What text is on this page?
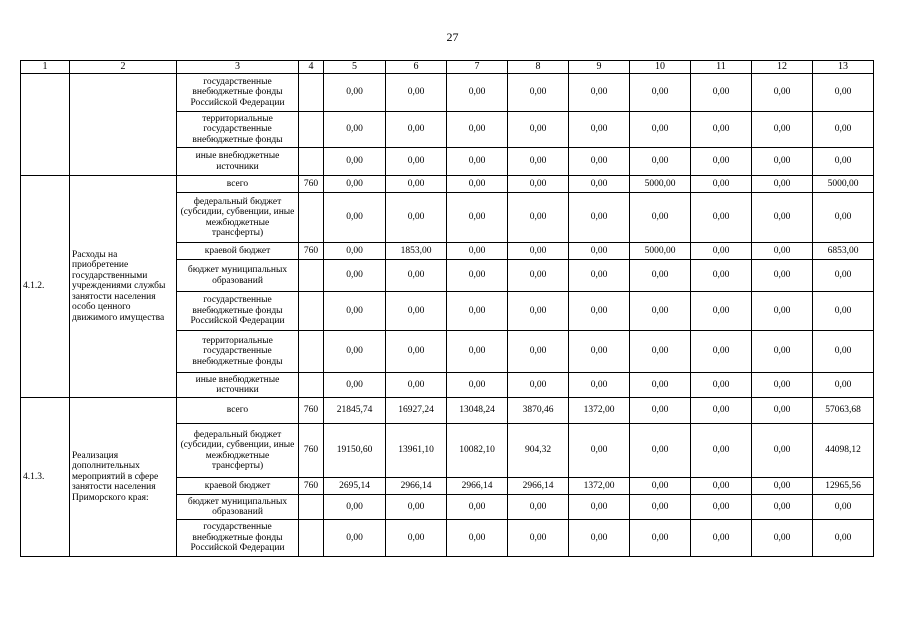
27
1	2	3	4	5	6	7	8	9	10	11	12	13
		государственные внебюджетные фонды Российской Федерации		0,00	0,00	0,00	0,00	0,00	0,00	0,00	0,00	0,00
		территориальные государственные внебюджетные фонды		0,00	0,00	0,00	0,00	0,00	0,00	0,00	0,00	0,00
		иные внебюджетные источники		0,00	0,00	0,00	0,00	0,00	0,00	0,00	0,00	0,00
4.1.2.	Расходы на приобретение государственными учреждениями службы занятости населения особо ценного движимого имущества	всего	760	0,00	0,00	0,00	0,00	0,00	5000,00	0,00	0,00	5000,00
		федеральный бюджет (субсидии, субвенции, иные межбюджетные трансферты)		0,00	0,00	0,00	0,00	0,00	0,00	0,00	0,00	0,00
		краевой бюджет	760	0,00	1853,00	0,00	0,00	0,00	5000,00	0,00	0,00	6853,00
		бюджет муниципальных образований		0,00	0,00	0,00	0,00	0,00	0,00	0,00	0,00	0,00
		государственные внебюджетные фонды Российской Федерации		0,00	0,00	0,00	0,00	0,00	0,00	0,00	0,00	0,00
		территориальные государственные внебюджетные фонды		0,00	0,00	0,00	0,00	0,00	0,00	0,00	0,00	0,00
		иные внебюджетные источники		0,00	0,00	0,00	0,00	0,00	0,00	0,00	0,00	0,00
4.1.3.	Реализация дополнительных мероприятий в сфере занятости населения Приморского края:	всего	760	21845,74	16927,24	13048,24	3870,46	1372,00	0,00	0,00	0,00	57063,68
		федеральный бюджет (субсидии, субвенции, иные межбюджетные трансферты)	760	19150,60	13961,10	10082,10	904,32	0,00	0,00	0,00	0,00	44098,12
		краевой бюджет	760	2695,14	2966,14	2966,14	2966,14	1372,00	0,00	0,00	0,00	12965,56
		бюджет муниципальных образований		0,00	0,00	0,00	0,00	0,00	0,00	0,00	0,00	0,00
		государственные внебюджетные фонды Российской Федерации		0,00	0,00	0,00	0,00	0,00	0,00	0,00	0,00	0,00
